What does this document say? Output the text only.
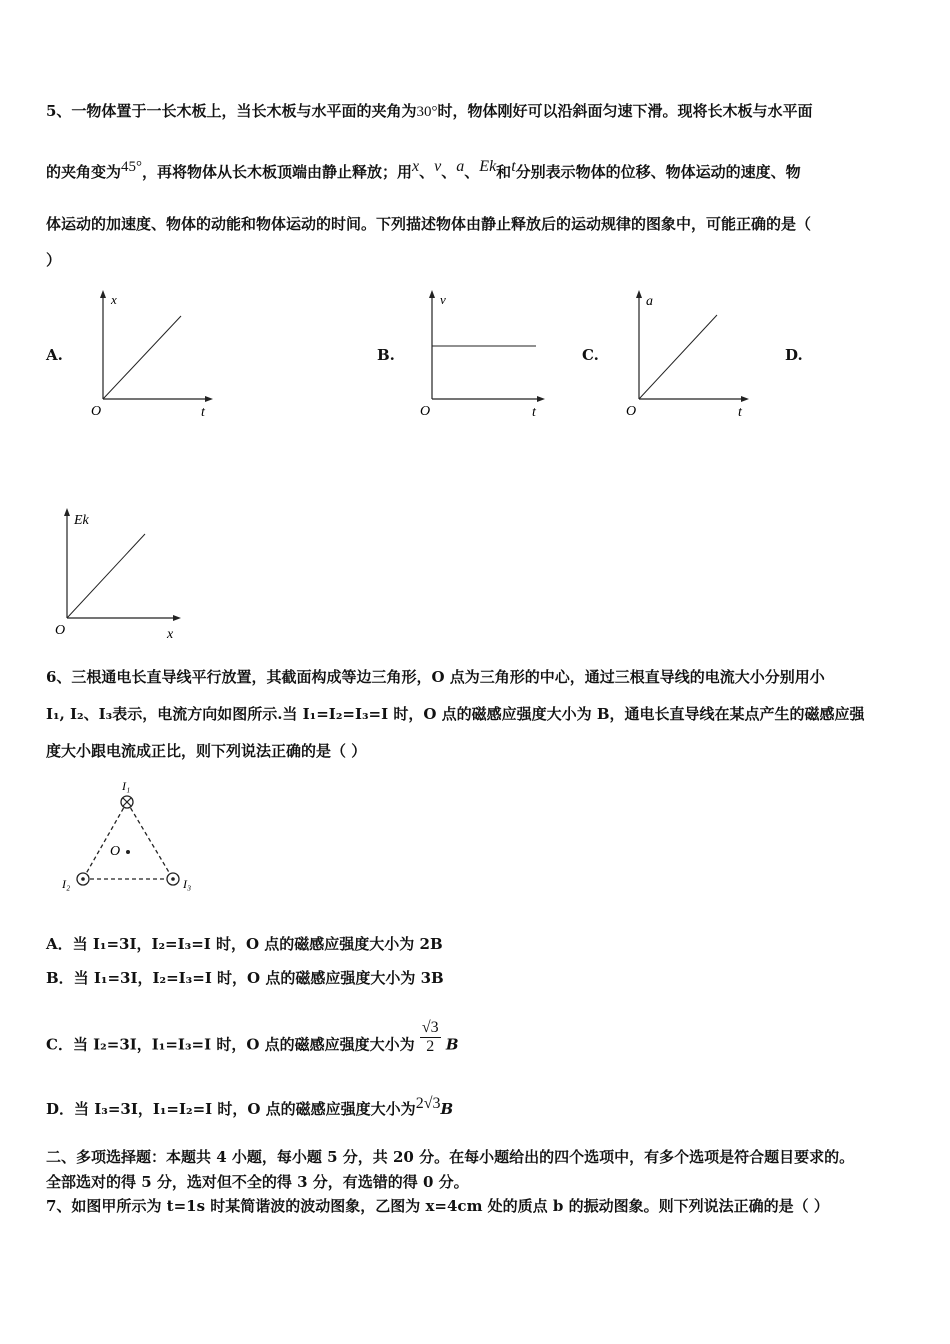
5、一物体置于一长木板上，当长木板与水平面的夹角为30°时，物体刚好可以沿斜面匀速下滑。现将长木板与水平面
的夹角变为45°，再将物体从长木板顶端由静止释放；用x、v、a、Ek和t分别表示物体的位移、物体运动的速度、物
体运动的加速度、物体的动能和物体运动的时间。下列描述物体由静止释放后的运动规律的图象中，可能正确的是（
）
A.	B.	C.	D.
x
O	t
v
O	t
a
O	t
Ek
O	x
6、三根通电长直导线平行放置，其截面构成等边三角形，O 点为三角形的中心，通过三根直导线的电流大小分别用小
I₁, I₂、I₃表示，电流方向如图所示.当 I₁=I₂=I₃=I 时，O 点的磁感应强度大小为 B，通电长直导线在某点产生的磁感应强
度大小跟电流成正比，则下列说法正确的是（ ）
O
I₁
I₂	I₃
A．当 I₁=3I，I₂=I₃=I 时，O 点的磁感应强度大小为 2B
B．当 I₁=3I，I₂=I₃=I 时，O 点的磁感应强度大小为 3B
C．当 I₂=3I，I₁=I₃=I 时，O 点的磁感应强度大小为 $\frac{√3}{2}$ B
D．当 I₃=3I，I₁=I₂=I 时，O 点的磁感应强度大小为2√3B
二、多项选择题：本题共 4 小题，每小题 5 分，共 20 分。在每小题给出的四个选项中，有多个选项是符合题目要求的。
全部选对的得 5 分，选对但不全的得 3 分，有选错的得 0 分。
7、如图甲所示为 t=1s 时某简谐波的波动图象，乙图为 x=4cm 处的质点 b 的振动图象。则下列说法正确的是（ ）
